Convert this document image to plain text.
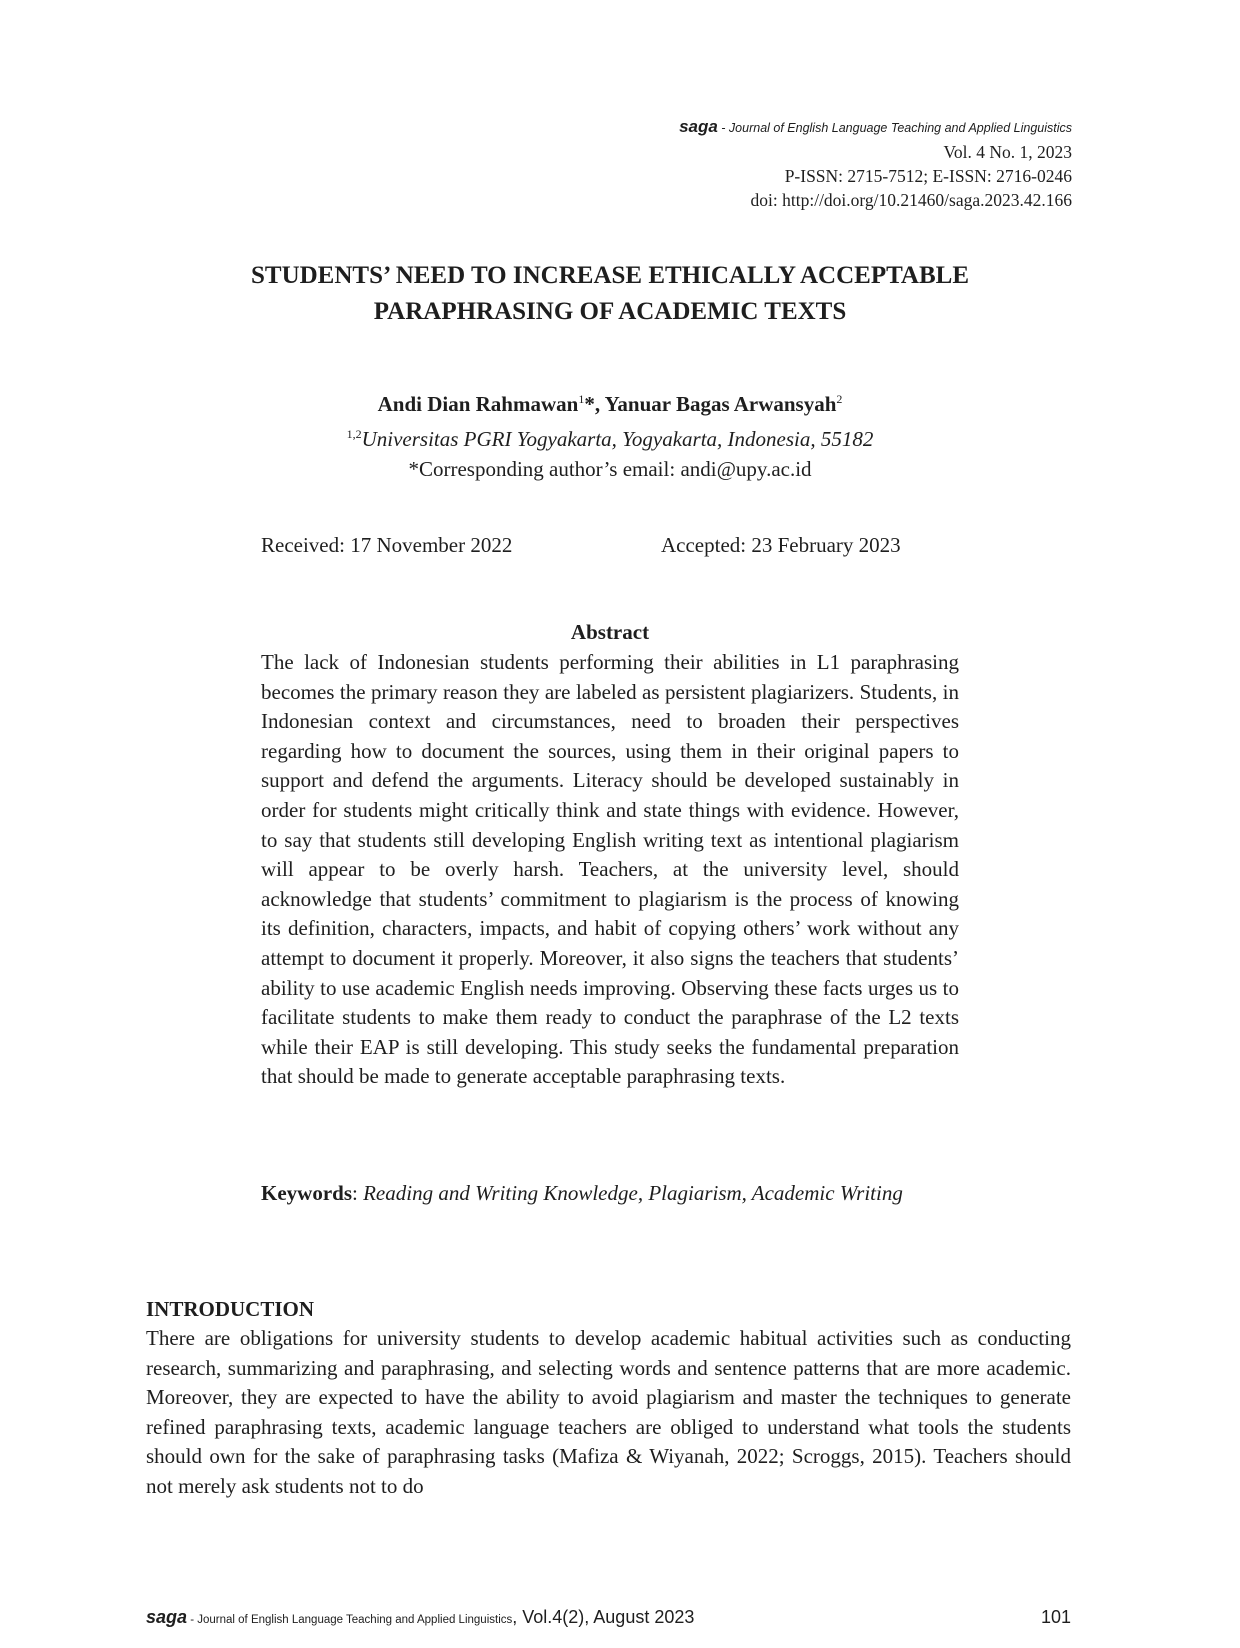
saga - Journal of English Language Teaching and Applied Linguistics
Vol. 4 No. 1, 2023
P-ISSN: 2715-7512; E-ISSN: 2716-0246
doi: http://doi.org/10.21460/saga.2023.42.166
STUDENTS’ NEED TO INCREASE ETHICALLY ACCEPTABLE
PARAPHRASING OF ACADEMIC TEXTS
Andi Dian Rahmawan$^1$*, Yanuar Bagas Arwansyah$^2$
$^{1,2}$Universitas PGRI Yogyakarta, Yogyakarta, Indonesia, 55182
*Corresponding author’s email: andi@upy.ac.id
Received: 17 November 2022	Accepted: 23 February 2023
Abstract
The lack of Indonesian students performing their abilities in L1 paraphrasing becomes the primary reason they are labeled as persistent plagiarizers. Students, in Indonesian context and circumstances, need to broaden their perspectives regarding how to document the sources, using them in their original papers to support and defend the arguments. Literacy should be developed sustainably in order for students might critically think and state things with evidence. However, to say that students still developing English writing text as intentional plagiarism will appear to be overly harsh. Teachers, at the university level, should acknowledge that students’ commitment to plagiarism is the process of knowing its definition, characters, impacts, and habit of copying others’ work without any attempt to document it properly. Moreover, it also signs the teachers that students’ ability to use academic English needs improving. Observing these facts urges us to facilitate students to make them ready to conduct the paraphrase of the L2 texts while their EAP is still developing. This study seeks the fundamental preparation that should be made to generate acceptable paraphrasing texts.
Keywords: Reading and Writing Knowledge, Plagiarism, Academic Writing
INTRODUCTION
There are obligations for university students to develop academic habitual activities such as conducting research, summarizing and paraphrasing, and selecting words and sentence patterns that are more academic. Moreover, they are expected to have the ability to avoid plagiarism and master the techniques to generate refined paraphrasing texts, academic language teachers are obliged to understand what tools the students should own for the sake of paraphrasing tasks (Mafiza & Wiyanah, 2022; Scroggs, 2015). Teachers should not merely ask students not to do
saga - Journal of English Language Teaching and Applied Linguistics, Vol.4(2), August 2023	101
